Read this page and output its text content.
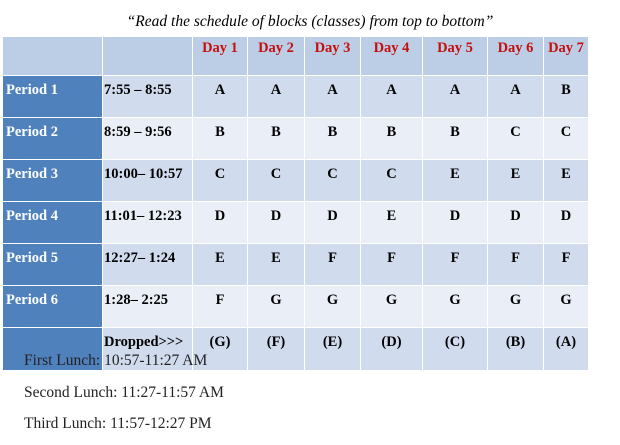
“Read the schedule of blocks (classes) from top to bottom”
		Day 1	Day 2	Day 3	Day 4	Day 5	Day 6	Day 7
Period 1	7:55 – 8:55	A	A	A	A	A	A	B
Period 2	8:59 – 9:56	B	B	B	B	B	C	C
Period 3	10:00– 10:57	C	C	C	C	E	E	E
Period 4	11:01– 12:23	D	D	D	E	D	D	D
Period 5	12:27– 1:24	E	E	F	F	F	F	F
Period 6	1:28– 2:25	F	G	G	G	G	G	G
	Dropped>>>	(G)	(F)	(E)	(D)	(C)	(B)	(A)
First Lunch: 10:57-11:27 AM
Second Lunch: 11:27-11:57 AM
Third Lunch: 11:57-12:27 PM
